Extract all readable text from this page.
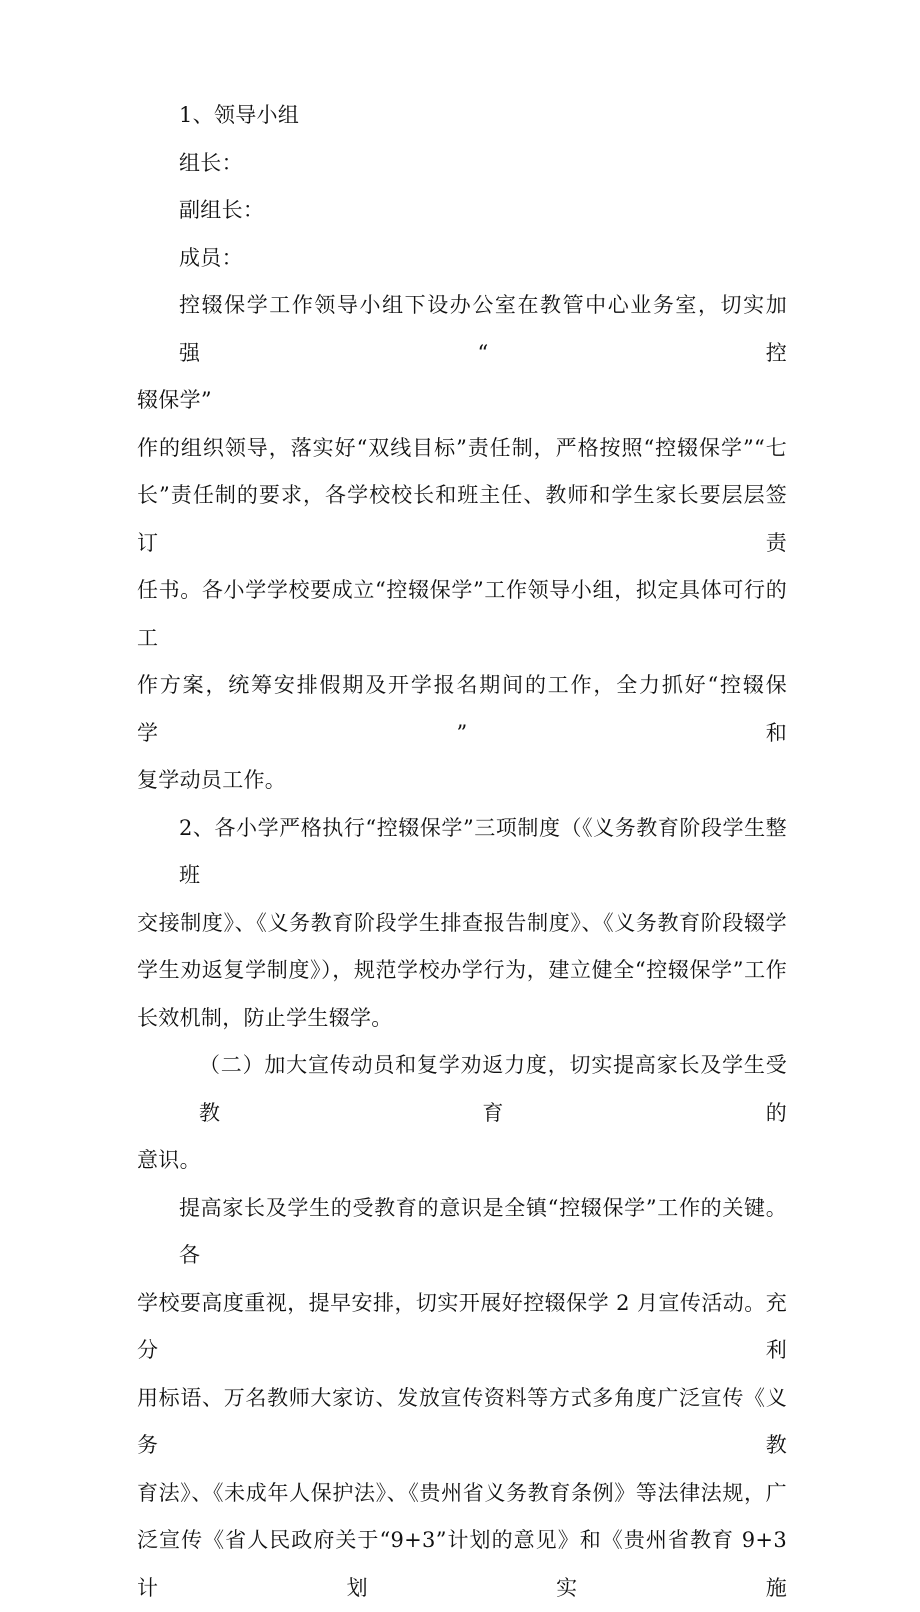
1、领导小组
组长：
副组长：
成员：
控辍保学工作领导小组下设办公室在教管中心业务室，切实加强“控
辍保学”
作的组织领导，落实好“双线目标”责任制，严格按照“控辍保学”“七
长”责任制的要求，各学校校长和班主任、教师和学生家长要层层签订责
任书。各小学学校要成立“控辍保学”工作领导小组，拟定具体可行的工
作方案，统筹安排假期及开学报名期间的工作，全力抓好“控辍保学”和
复学动员工作。
2、各小学严格执行“控辍保学”三项制度（《义务教育阶段学生整班
交接制度》、《义务教育阶段学生排查报告制度》、《义务教育阶段辍学
学生劝返复学制度》），规范学校办学行为，建立健全“控辍保学”工作
长效机制，防止学生辍学。
（二）加大宣传动员和复学劝返力度，切实提高家长及学生受教育的
意识。
提高家长及学生的受教育的意识是全镇“控辍保学”工作的关键。各
学校要高度重视，提早安排，切实开展好控辍保学 2 月宣传活动。充分利
用标语、万名教师大家访、发放宣传资料等方式多角度广泛宣传《义务教
育法》、《未成年人保护法》、《贵州省义务教育条例》等法律法规，广
泛宣传《省人民政府关于“9+3”计划的意见》和《贵州省教育 9+3 计划实施
